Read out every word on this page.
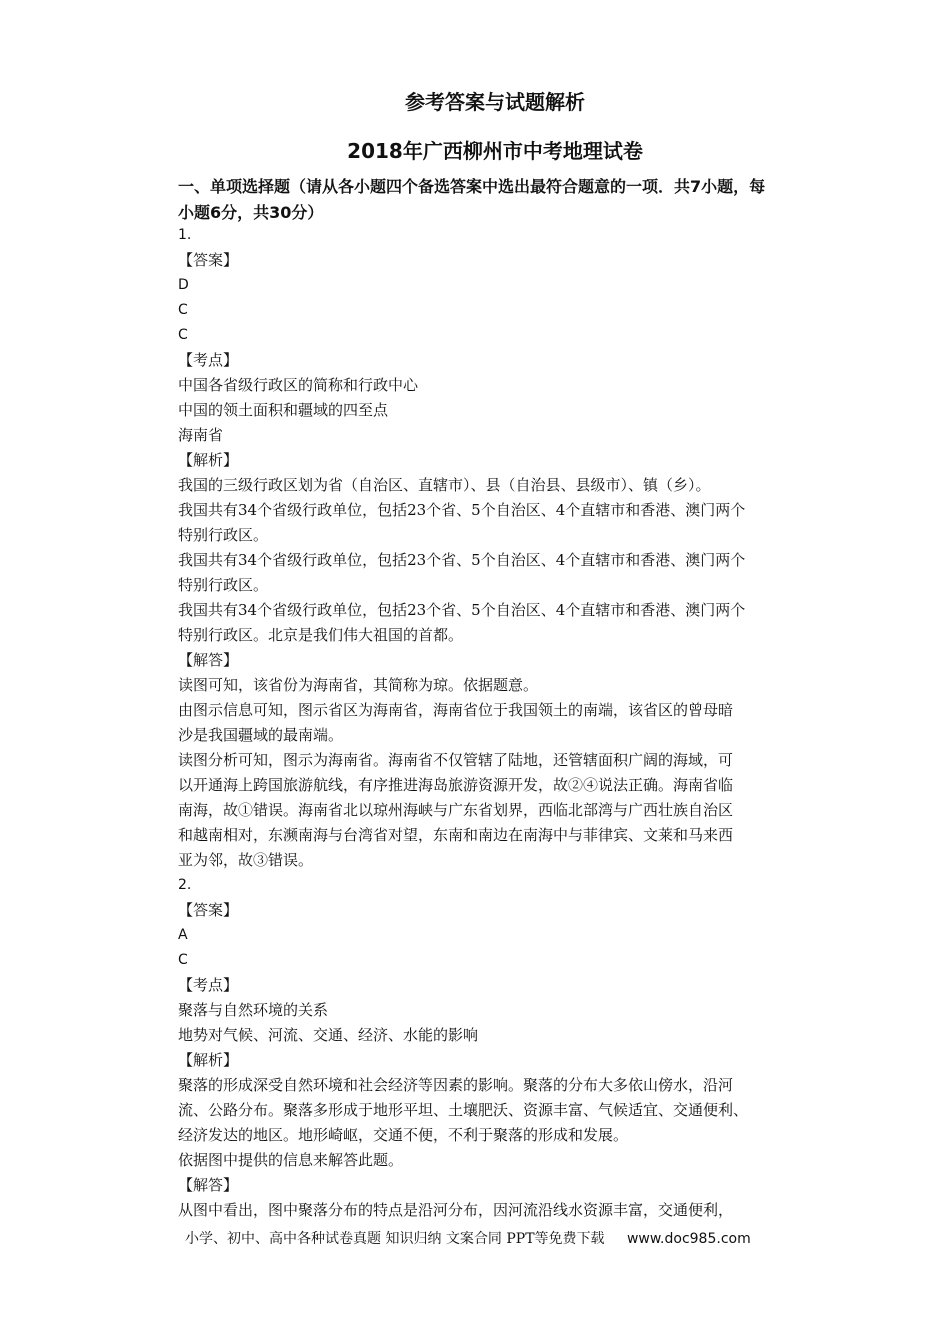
参考答案与试题解析
2018年广西柳州市中考地理试卷
一、单项选择题（请从各小题四个备选答案中选出最符合题意的一项．共7小题，每
小题6分，共30分）
1.
【答案】
D
C
C
【考点】
中国各省级行政区的简称和行政中心
中国的领土面积和疆域的四至点
海南省
【解析】
我国的三级行政区划为省（自治区、直辖市）、县（自治县、县级市）、镇（乡）。
我国共有34个省级行政单位，包括23个省、5个自治区、4个直辖市和香港、澳门两个
特别行政区。
我国共有34个省级行政单位，包括23个省、5个自治区、4个直辖市和香港、澳门两个
特别行政区。
我国共有34个省级行政单位，包括23个省、5个自治区、4个直辖市和香港、澳门两个
特别行政区。北京是我们伟大祖国的首都。
【解答】
读图可知，该省份为海南省，其简称为琼。依据题意。
由图示信息可知，图示省区为海南省，海南省位于我国领土的南端，该省区的曾母暗
沙是我国疆域的最南端。
读图分析可知，图示为海南省。海南省不仅管辖了陆地，还管辖面积广阔的海域，可
以开通海上跨国旅游航线，有序推进海岛旅游资源开发，故②④说法正确。海南省临
南海，故①错误。海南省北以琼州海峡与广东省划界，西临北部湾与广西壮族自治区
和越南相对，东濒南海与台湾省对望，东南和南边在南海中与菲律宾、文莱和马来西
亚为邻，故③错误。
2.
【答案】
A
C
【考点】
聚落与自然环境的关系
地势对气候、河流、交通、经济、水能的影响
【解析】
聚落的形成深受自然环境和社会经济等因素的影响。聚落的分布大多依山傍水，沿河
流、公路分布。聚落多形成于地形平坦、土壤肥沃、资源丰富、气候适宜、交通便利、
经济发达的地区。地形崎岖，交通不便，不利于聚落的形成和发展。
依据图中提供的信息来解答此题。
【解答】
从图中看出，图中聚落分布的特点是沿河分布，因河流沿线水资源丰富，交通便利，
小学、初中、高中各种试卷真题 知识归纳 文案合同 PPT等免费下载 www.doc985.com
